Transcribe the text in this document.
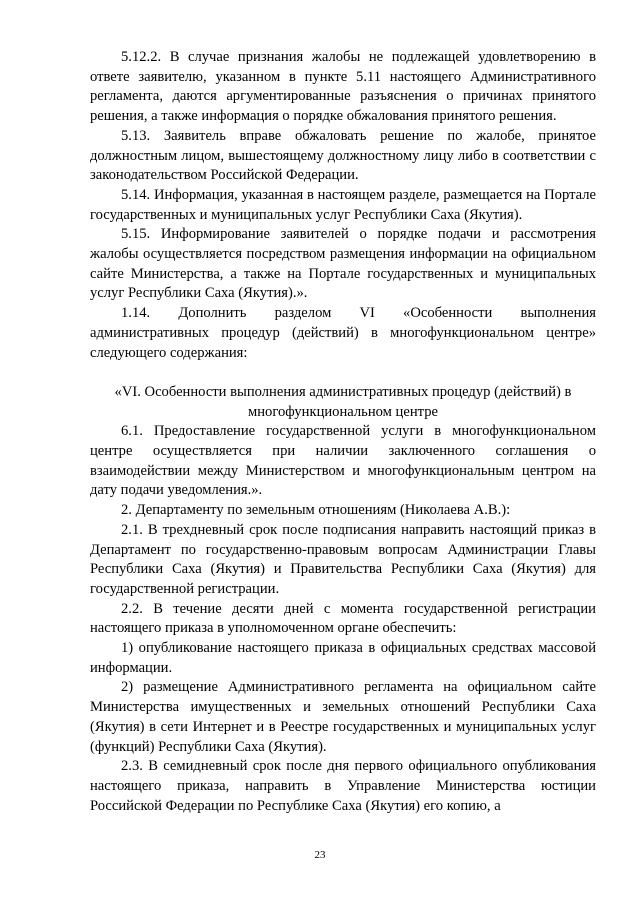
5.12.2. В случае признания жалобы не подлежащей удовлетворению в ответе заявителю, указанном в пункте 5.11 настоящего Административного регламента, даются аргументированные разъяснения о причинах принятого решения, а также информация о порядке обжалования принятого решения.

5.13. Заявитель вправе обжаловать решение по жалобе, принятое должностным лицом, вышестоящему должностному лицу либо в соответствии с законодательством Российской Федерации.

5.14. Информация, указанная в настоящем разделе, размещается на Портале государственных и муниципальных услуг Республики Саха (Якутия).

5.15. Информирование заявителей о порядке подачи и рассмотрения жалобы осуществляется посредством размещения информации на официальном сайте Министерства, а также на Портале государственных и муниципальных услуг Республики Саха (Якутия).».

1.14. Дополнить разделом VI «Особенности выполнения административных процедур (действий) в многофункциональном центре» следующего содержания:

«VI. Особенности выполнения административных процедур (действий) в многофункциональном центре

6.1. Предоставление государственной услуги в многофункциональном центре осуществляется при наличии заключенного соглашения о взаимодействии между Министерством и многофункциональным центром на дату подачи уведомления.».

2. Департаменту по земельным отношениям (Николаева А.В.):

2.1. В трехдневный срок после подписания направить настоящий приказ в Департамент по государственно-правовым вопросам Администрации Главы Республики Саха (Якутия) и Правительства Республики Саха (Якутия) для государственной регистрации.

2.2. В течение десяти дней с момента государственной регистрации настоящего приказа в уполномоченном органе обеспечить:

1) опубликование настоящего приказа в официальных средствах массовой информации.

2) размещение Административного регламента на официальном сайте Министерства имущественных и земельных отношений Республики Саха (Якутия) в сети Интернет и в Реестре государственных и муниципальных услуг (функций) Республики Саха (Якутия).

2.3. В семидневный срок после дня первого официального опубликования настоящего приказа, направить в Управление Министерства юстиции Российской Федерации по Республике Саха (Якутия) его копию, а

23
